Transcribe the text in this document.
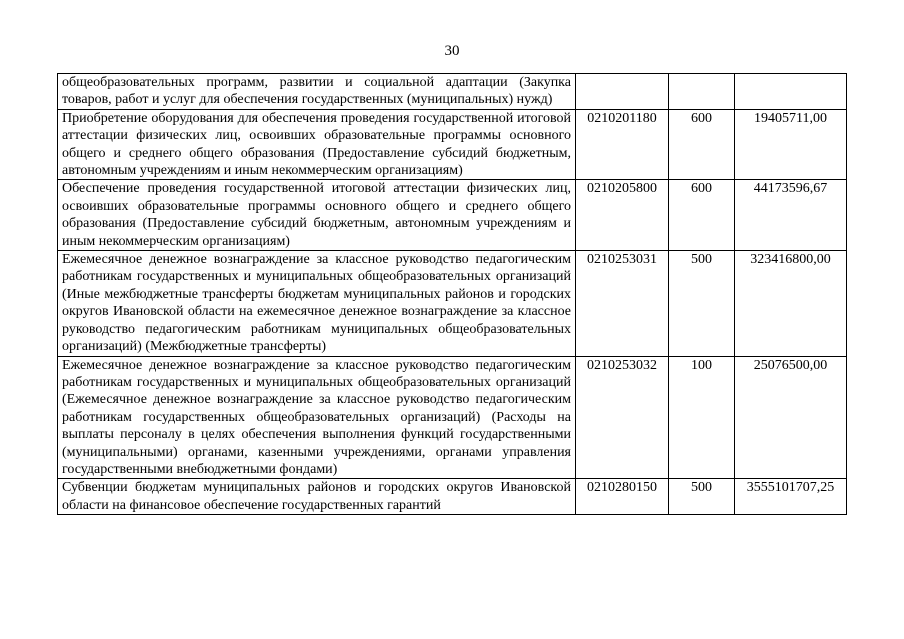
30
общеобразовательных программ, развитии и социальной адаптации (Закупка товаров, работ и услуг для обеспечения государственных (муниципальных) нужд)			
Приобретение оборудования для обеспечения проведения государственной итоговой аттестации физических лиц, освоивших образовательные программы основного общего и среднего общего образования (Предоставление субсидий бюджетным, автономным учреждениям и иным некоммерческим организациям)	0210201180	600	19405711,00
Обеспечение проведения государственной итоговой аттестации физических лиц, освоивших образовательные программы основного общего и среднего общего образования (Предоставление субсидий бюджетным, автономным учреждениям и иным некоммерческим организациям)	0210205800	600	44173596,67
Ежемесячное денежное вознаграждение за классное руководство педагогическим работникам государственных и муниципальных общеобразовательных организаций (Иные межбюджетные трансферты бюджетам муниципальных районов и городских округов Ивановской области на ежемесячное денежное вознаграждение за классное руководство педагогическим работникам муниципальных общеобразовательных организаций) (Межбюджетные трансферты)	0210253031	500	323416800,00
Ежемесячное денежное вознаграждение за классное руководство педагогическим работникам государственных и муниципальных общеобразовательных организаций (Ежемесячное денежное вознаграждение за классное руководство педагогическим работникам государственных общеобразовательных организаций) (Расходы на выплаты персоналу в целях обеспечения выполнения функций государственными (муниципальными) органами, казенными учреждениями, органами управления государственными внебюджетными фондами)	0210253032	100	25076500,00
Субвенции бюджетам муниципальных районов и городских округов Ивановской области на финансовое обеспечение государственных гарантий	0210280150	500	3555101707,25
